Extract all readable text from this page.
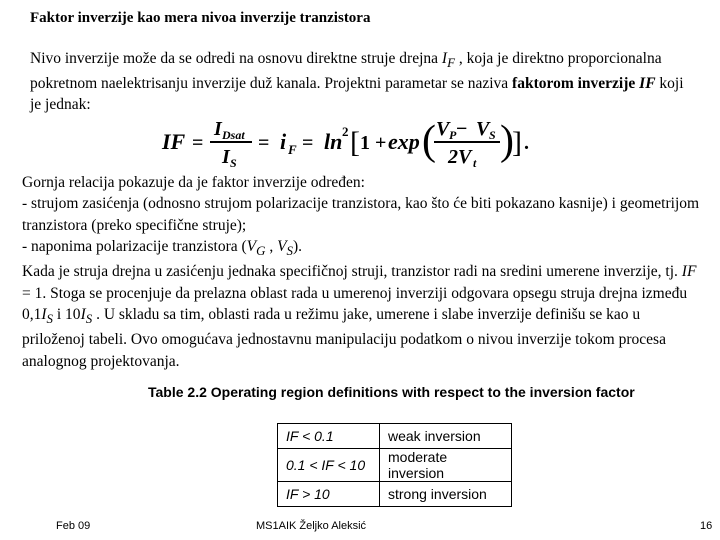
Faktor inverzije kao mera nivoa inverzije tranzistora
Nivo inverzije može da se odredi na osnovu direktne struje drejna $I_F$ , koja je direktno proporcionalna pokretnom naelektrisanju inverzije duž kanala. Projektni parametar se naziva faktorom inverzije IF koji je jednak:
IF =
I Dsat
I S
= i F = ln 2 [ 1 + exp ( V P − V S
2V t )
] .
Gornja relacija pokazuje da je faktor inverzije određen:
- strujom zasićenja (odnosno strujom polarizacije tranzistora, kao što će biti pokazano kasnije) i geometrijom tranzistora (preko specifične struje);
- naponima polarizacije tranzistora ($V_G$ , $V_S$).
Kada je struja drejna u zasićenju jednaka specifičnoj struji, tranzistor radi na sredini umerene inverzije, tj. IF = 1. Stoga se procenjuje da prelazna oblast rada u umerenoj inverziji odgovara opsegu struja drejna između $0,1I_S$ i $10I_S$ . U skladu sa tim, oblasti rada u režimu jake, umerene i slabe inverzije definišu se kao u priloženoj tabeli. Ovo omogućava jednostavnu manipulaciju podatkom o nivou inverzije tokom procesa analognog projektovanja.
Table 2.2 Operating region definitions with respect to the inversion factor
IF < 0.1	weak inversion
0.1 < IF < 10	moderate inversion
IF > 10	strong inversion
Feb 09	MS1AIK Željko Aleksić	16
